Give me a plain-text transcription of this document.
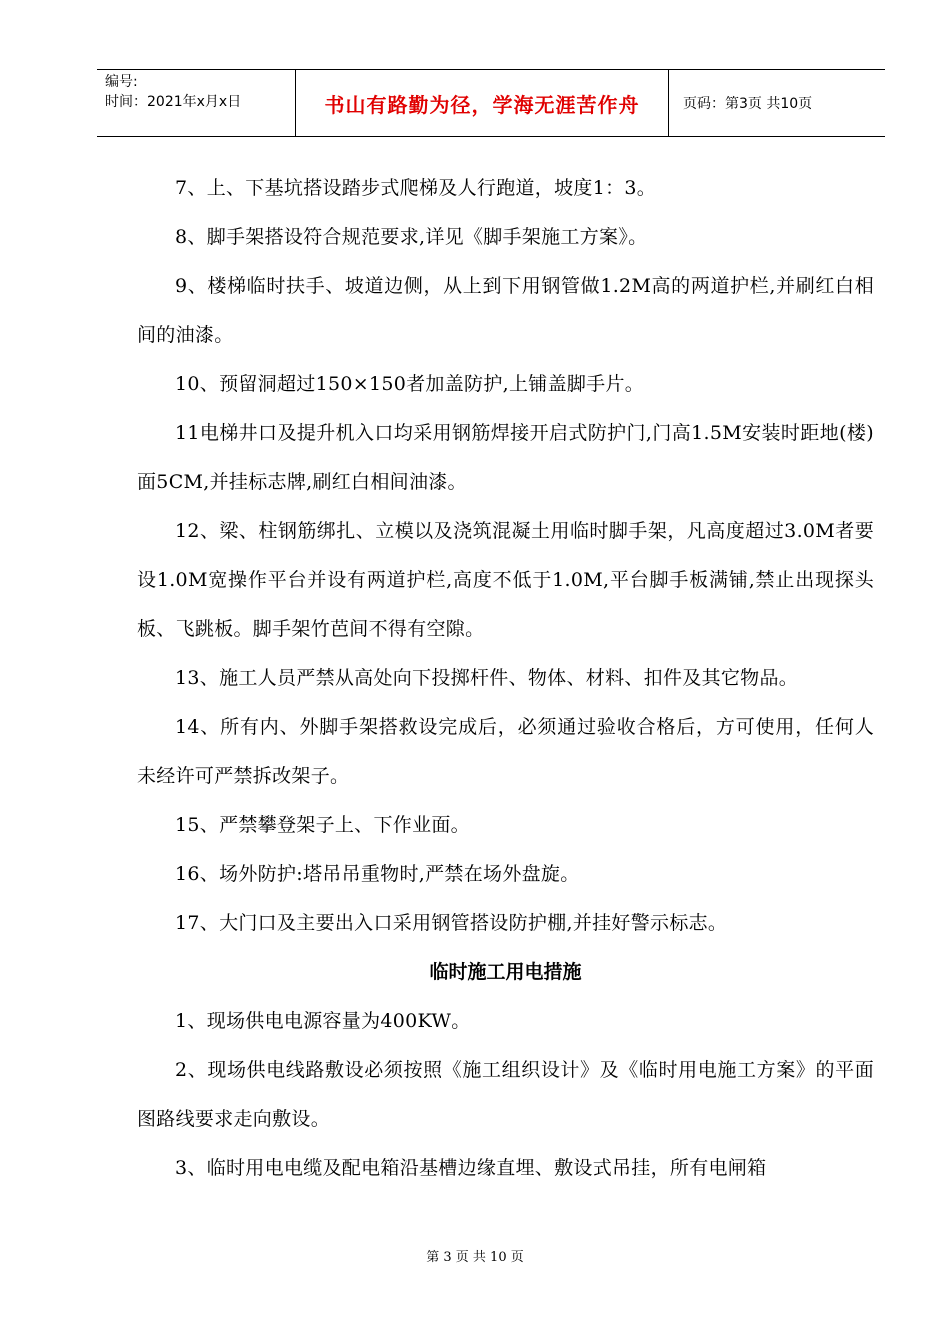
编号:
时间：2021年x月x日	书山有路勤为径，学海无涯苦作舟	页码：第3页 共10页

7、上、下基坑搭设踏步式爬梯及人行跑道，坡度1：3。

8、脚手架搭设符合规范要求,详见《脚手架施工方案》。

9、楼梯临时扶手、坡道边侧，从上到下用钢管做1.2M高的两道护栏,并刷红白相间的油漆。

10、预留洞超过150×150者加盖防护,上铺盖脚手片。

11电梯井口及提升机入口均采用钢筋焊接开启式防护门,门高1.5M安装时距地(楼)面5CM,并挂标志牌,刷红白相间油漆。

12、梁、柱钢筋绑扎、立模以及浇筑混凝土用临时脚手架，凡高度超过3.0M者要设1.0M宽操作平台并设有两道护栏,高度不低于1.0M,平台脚手板满铺,禁止出现探头板、飞跳板。脚手架竹芭间不得有空隙。

13、施工人员严禁从高处向下投掷杆件、物体、材料、扣件及其它物品。

14、所有内、外脚手架搭救设完成后，必须通过验收合格后，方可使用，任何人未经许可严禁拆改架子。

15、严禁攀登架子上、下作业面。

16、场外防护:塔吊吊重物时,严禁在场外盘旋。

17、大门口及主要出入口采用钢管搭设防护棚,并挂好警示标志。

临时施工用电措施

1、现场供电电源容量为400KW。

2、现场供电线路敷设必须按照《施工组织设计》及《临时用电施工方案》的平面图路线要求走向敷设。

3、临时用电电缆及配电箱沿基槽边缘直埋、敷设式吊挂，所有电闸箱

第 3 页 共 10 页
